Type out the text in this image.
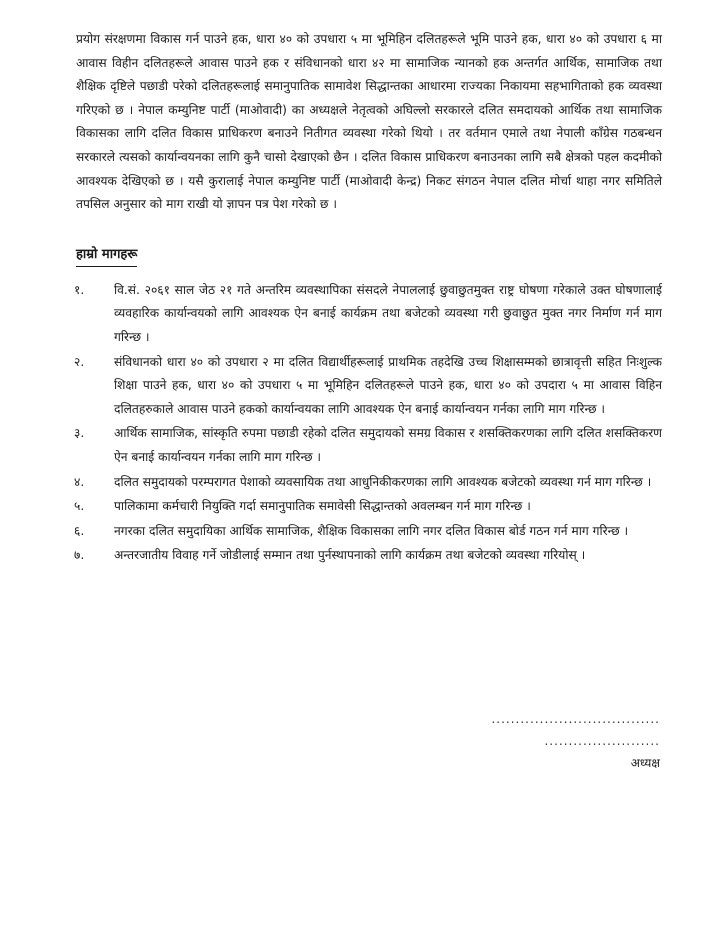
प्रयोग संरक्षणमा विकास गर्न पाउने हक, धारा ४० को उपधारा ५ मा भूमिहिन दलितहरूले भूमि पाउने हक, धारा ४० को उपधारा ६ मा आवास विहीन दलितहरूले आवास पाउने हक र संविधानको धारा ४२ मा सामाजिक न्यानको हक अन्तर्गत आर्थिक, सामाजिक तथा शैक्षिक दृष्टिले पछाडी परेको दलितहरूलाई समानुपातिक सामावेश सिद्धान्तका आधारमा राज्यका निकायमा सहभागिताको हक व्यवस्था गरिएको छ । नेपाल कम्युनिष्ट पार्टी (माओवादी) का अध्यक्षले नेतृत्वको अघिल्लो सरकारले दलित समदायको आर्थिक तथा सामाजिक विकासका लागि दलित विकास प्राधिकरण बनाउने नितीगत व्यवस्था गरेको थियो । तर वर्तमान एमाले तथा नेपाली काँग्रेस गठबन्धन सरकारले त्यसको कार्यान्वयनका लागि कुनै चासो देखाएको छैन । दलित विकास प्राधिकरण बनाउनका लागि सबै क्षेत्रको पहल कदमीको आवश्यक देखिएको छ । यसै कुरालाई नेपाल कम्युनिष्ट पार्टी (माओवादी केन्द्र) निकट संगठन नेपाल दलित मोर्चा थाहा नगर समितिले तपसिल अनुसार को माग राखी यो ज्ञापन पत्र पेश गरेको छ ।

हाम्रो मागहरू
१.	वि.सं. २०६१ साल जेठ २१ गते अन्तरिम व्यवस्थापिका संसदले नेपाललाई छुवाछुतमुक्त राष्ट्र घोषणा गरेकाले उक्त घोषणालाई व्यवहारिक कार्यान्वयको लागि आवश्यक ऐन बनाई कार्यक्रम तथा बजेटको व्यवस्था गरी छुवाछुत मुक्त नगर निर्माण गर्न माग गरिन्छ ।
२.	संविधानको धारा ४० को उपधारा २ मा दलित विद्यार्थीहरूलाई प्राथमिक तहदेखि उच्च शिक्षासम्मको छात्रावृत्ती सहित निःशुल्क शिक्षा पाउने हक, धारा ४० को उपधारा ५ मा भूमिहिन दलितहरूले पाउने हक, धारा ४० को उपदारा ५ मा आवास विहिन दलितहरुकाले आवास पाउने हकको कार्यान्वयका लागि आवश्यक ऐन बनाई कार्यान्वयन गर्नका लागि माग गरिन्छ ।
३.	आर्थिक सामाजिक, सांस्कृति रुपमा पछाडी रहेको दलित समुदायको समग्र विकास र शसक्तिकरणका लागि दलित शसक्तिकरण ऐन बनाई कार्यान्वयन गर्नका लागि माग गरिन्छ ।
४.	दलित समुदायको परम्परागत पेशाको व्यवसायिक तथा आधुनिकीकरणका लागि आवश्यक बजेटको व्यवस्था गर्न माग गरिन्छ ।
५.	पालिकामा कर्मचारी नियुक्ति गर्दा समानुपातिक समावेसी सिद्धान्तको अवलम्बन गर्न माग गरिन्छ ।
६.	नगरका दलित समुदायिका आर्थिक सामाजिक, शैक्षिक विकासका लागि नगर दलित विकास बोर्ड गठन गर्न माग गरिन्छ ।
७.	अन्तरजातीय विवाह गर्ने जोडीलाई सम्मान तथा पुर्नस्थापनाको लागि कार्यक्रम तथा बजेटको व्यवस्था गरियोस् ।
...................................
........................
अध्यक्ष
